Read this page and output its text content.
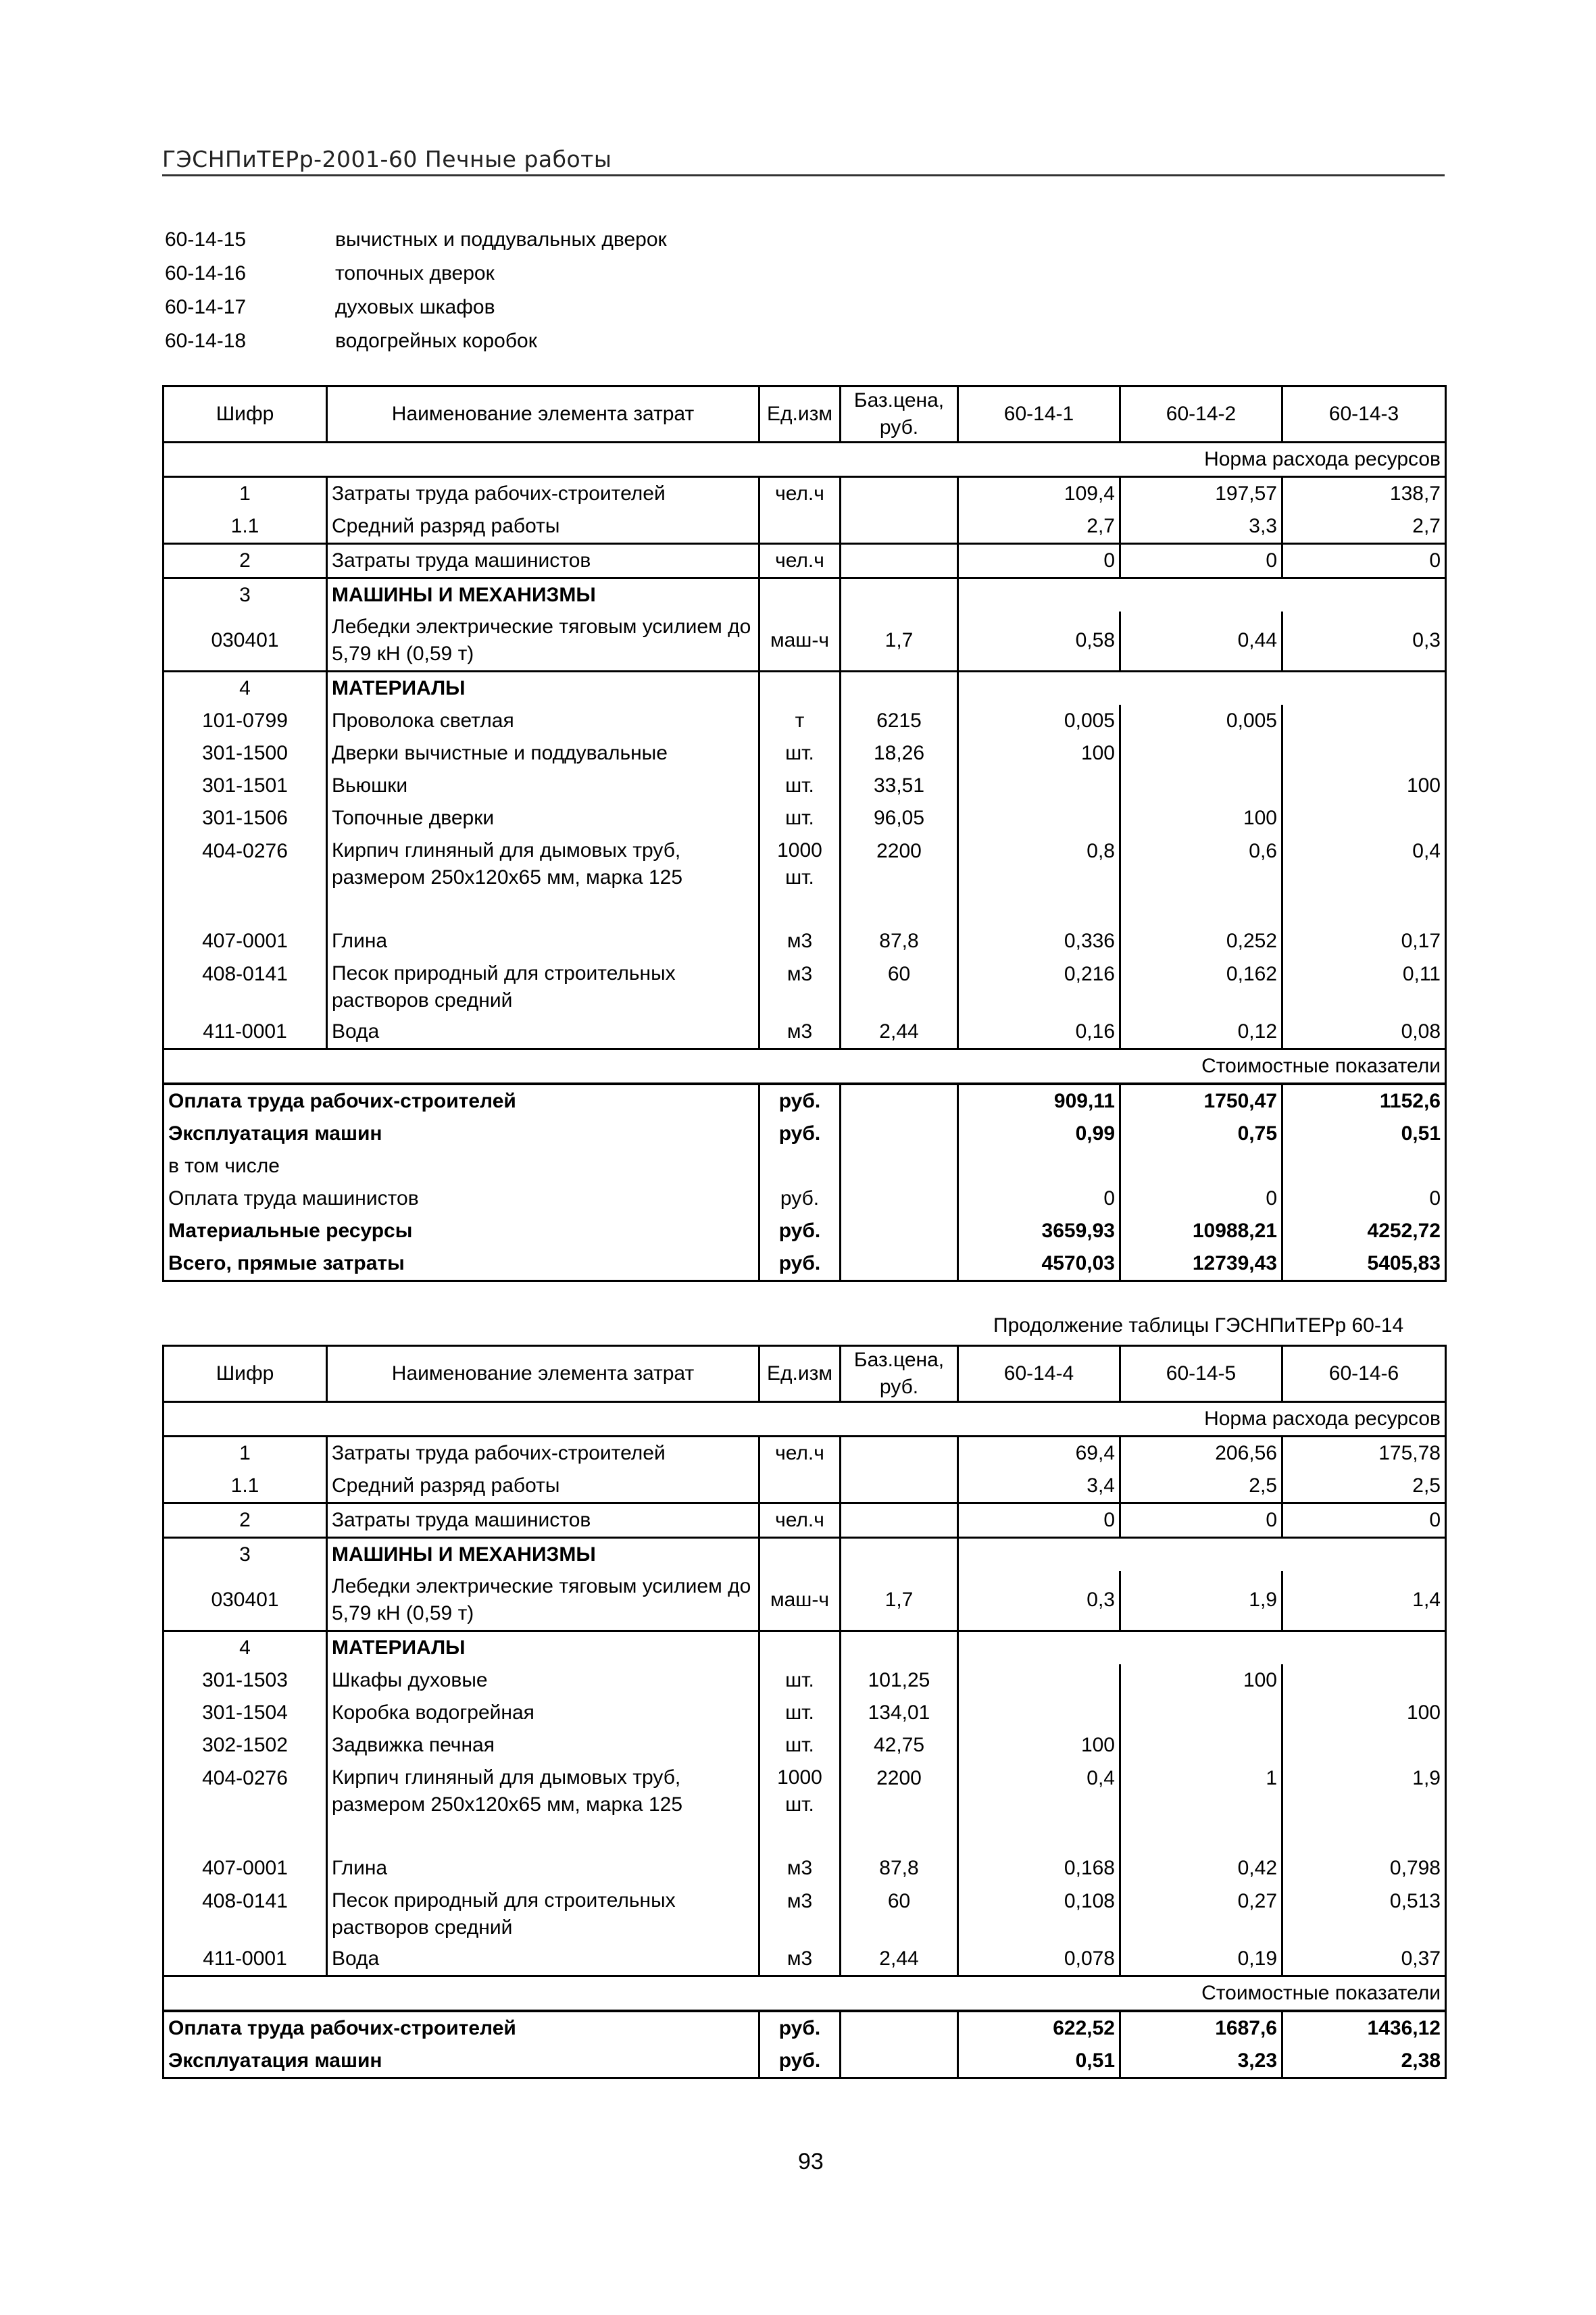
ГЭСНПиТЕРр-2001-60 Печные работы
60-14-15	вычистных и поддувальных дверок
60-14-16	топочных дверок
60-14-17	духовых шкафов
60-14-18	водогрейных коробок
Шифр	Наименование элемента затрат	Ед.изм	Баз.цена, руб.	60-14-1	60-14-2	60-14-3
Норма расхода ресурсов						
1	Затраты труда рабочих-строителей	чел.ч		109,4	197,57	138,7
1.1	Средний разряд работы			2,7	3,3	2,7
2	Затраты труда машинистов	чел.ч		0	0	0
3	МАШИНЫ И МЕХАНИЗМЫ					
030401	Лебедки электрические тяговым усилием до 5,79 кН (0,59 т)	маш-ч	1,7	0,58	0,44	0,3
4	МАТЕРИАЛЫ					
101-0799	Проволока светлая	т	6215	0,005	0,005	
301-1500	Дверки вычистные и поддувальные	шт.	18,26	100		
301-1501	Вьюшки	шт.	33,51			100
301-1506	Топочные дверки	шт.	96,05		100	
404-0276	Кирпич глиняный для дымовых труб, размером 250х120х65 мм, марка 125	1000 шт.	2200	0,8	0,6	0,4
407-0001	Глина	м3	87,8	0,336	0,252	0,17
408-0141	Песок природный для строительных растворов средний	м3	60	0,216	0,162	0,11
411-0001	Вода	м3	2,44	0,16	0,12	0,08
Стоимостные показатели						
Оплата труда рабочих-строителей		руб.		909,11	1750,47	1152,6
Эксплуатация машин		руб.		0,99	0,75	0,51
в том числе						
Оплата труда машинистов		руб.		0	0	0
Материальные ресурсы		руб.		3659,93	10988,21	4252,72
Всего, прямые затраты		руб.		4570,03	12739,43	5405,83
Продолжение таблицы ГЭСНПиТЕРр 60-14
Шифр	Наименование элемента затрат	Ед.изм	Баз.цена, руб.	60-14-4	60-14-5	60-14-6
Норма расхода ресурсов						
1	Затраты труда рабочих-строителей	чел.ч		69,4	206,56	175,78
1.1	Средний разряд работы			3,4	2,5	2,5
2	Затраты труда машинистов	чел.ч		0	0	0
3	МАШИНЫ И МЕХАНИЗМЫ					
030401	Лебедки электрические тяговым усилием до 5,79 кН (0,59 т)	маш-ч	1,7	0,3	1,9	1,4
4	МАТЕРИАЛЫ					
301-1503	Шкафы духовые	шт.	101,25		100	
301-1504	Коробка водогрейная	шт.	134,01			100
302-1502	Задвижка печная	шт.	42,75	100		
404-0276	Кирпич глиняный для дымовых труб, размером 250х120х65 мм, марка 125	1000 шт.	2200	0,4	1	1,9
407-0001	Глина	м3	87,8	0,168	0,42	0,798
408-0141	Песок природный для строительных растворов средний	м3	60	0,108	0,27	0,513
411-0001	Вода	м3	2,44	0,078	0,19	0,37
Стоимостные показатели						
Оплата труда рабочих-строителей		руб.		622,52	1687,6	1436,12
Эксплуатация машин		руб.		0,51	3,23	2,38
93
